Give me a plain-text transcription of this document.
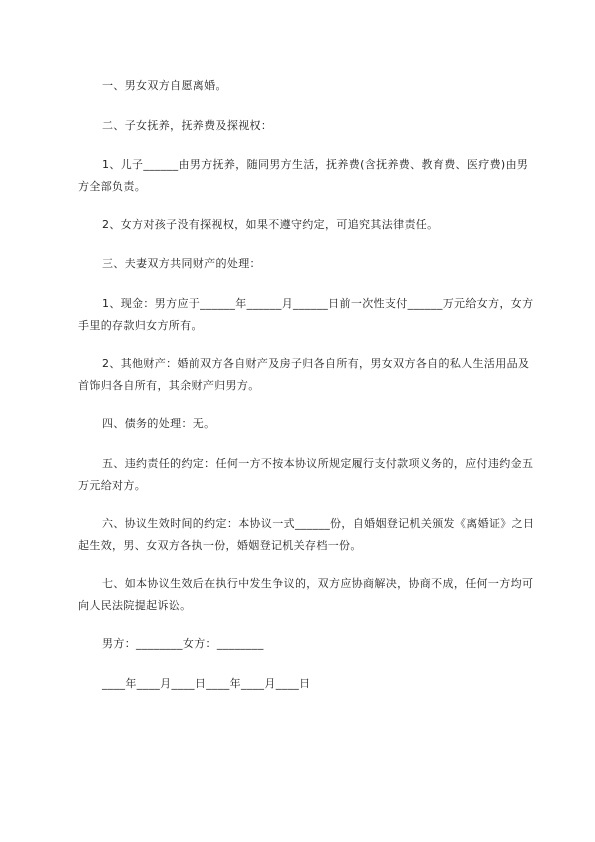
一、男女双方自愿离婚。

二、子女抚养，抚养费及探视权：

1、儿子______由男方抚养，随同男方生活，抚养费(含抚养费、教育费、医疗费)由男方全部负责。

2、女方对孩子没有探视权，如果不遵守约定，可追究其法律责任。

三、夫妻双方共同财产的处理：

1、现金：男方应于______年______月______日前一次性支付______万元给女方，女方手里的存款归女方所有。

2、其他财产：婚前双方各自财产及房子归各自所有，男女双方各自的私人生活用品及首饰归各自所有，其余财产归男方。

四、债务的处理：无。

五、违约责任的约定：任何一方不按本协议所规定履行支付款项义务的，应付违约金五万元给对方。

六、协议生效时间的约定：本协议一式______份，自婚姻登记机关颁发《离婚证》之日起生效，男、女双方各执一份，婚姻登记机关存档一份。

七、如本协议生效后在执行中发生争议的，双方应协商解决，协商不成，任何一方均可向人民法院提起诉讼。

男方：________女方：________

____年____月____日____年____月____日
